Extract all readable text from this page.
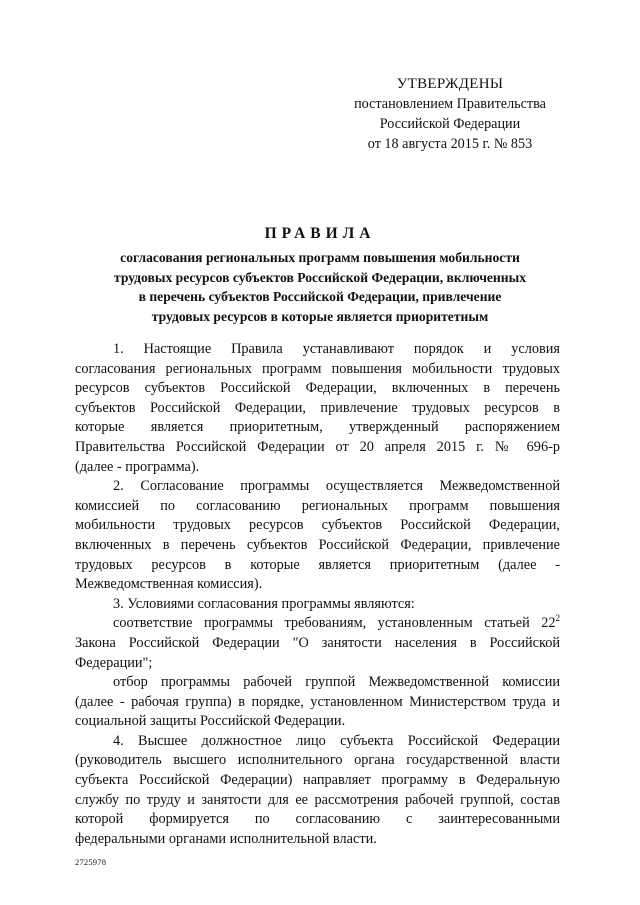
УТВЕРЖДЕНЫ
постановлением Правительства
Российской Федерации
от 18 августа 2015 г. № 853
ПРАВИЛА
согласования региональных программ повышения мобильности
трудовых ресурсов субъектов Российской Федерации, включенных
в перечень субъектов Российской Федерации, привлечение
трудовых ресурсов в которые является приоритетным
1. Настоящие Правила устанавливают порядок и условия
согласования региональных программ повышения мобильности трудовых
ресурсов субъектов Российской Федерации, включенных в перечень
субъектов Российской Федерации, привлечение трудовых ресурсов в
которые является приоритетным, утвержденный распоряжением
Правительства Российской Федерации от 20 апреля 2015 г. № 696-р
(далее - программа).
2. Согласование программы осуществляется Межведомственной
комиссией по согласованию региональных программ повышения
мобильности трудовых ресурсов субъектов Российской Федерации,
включенных в перечень субъектов Российской Федерации, привлечение
трудовых ресурсов в которые является приоритетным (далее -
Межведомственная комиссия).
3. Условиями согласования программы являются:
соответствие программы требованиям, установленным статьей $22^2$
Закона Российской Федерации "О занятости населения в Российской
Федерации";
отбор программы рабочей группой Межведомственной комиссии
(далее - рабочая группа) в порядке, установленном Министерством труда и
социальной защиты Российской Федерации.
4. Высшее должностное лицо субъекта Российской Федерации
(руководитель высшего исполнительного органа государственной власти
субъекта Российской Федерации) направляет программу в Федеральную
службу по труду и занятости для ее рассмотрения рабочей группой, состав
которой формируется по согласованию с заинтересованными
федеральными органами исполнительной власти.
2725978
